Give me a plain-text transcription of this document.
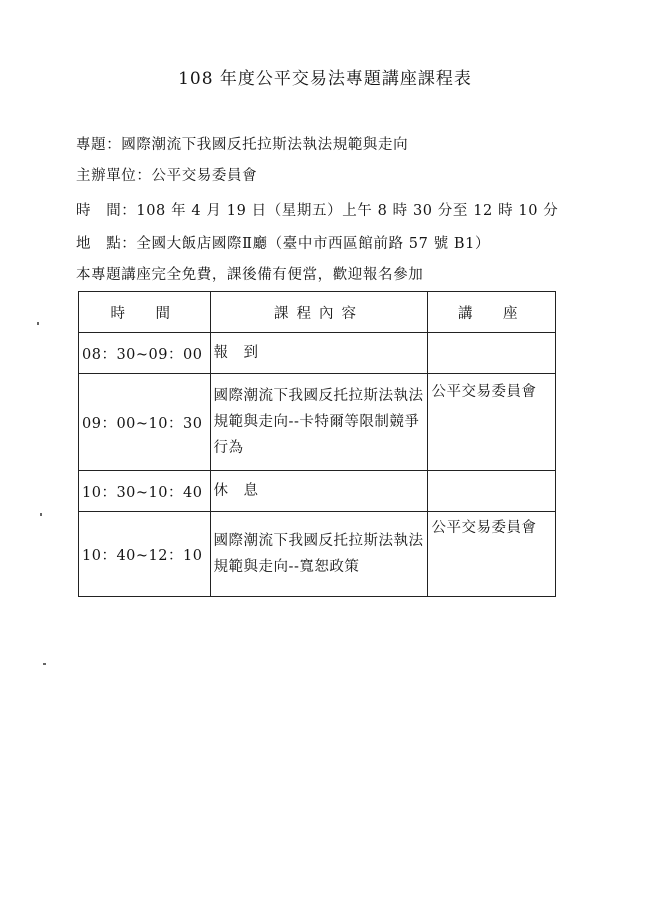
108 年度公平交易法專題講座課程表
專題：國際潮流下我國反托拉斯法執法規範與走向
主辦單位：公平交易委員會
時　間：108 年 4 月 19 日（星期五）上午 8 時 30 分至 12 時 10 分
地　點：全國大飯店國際Ⅱ廳（臺中市西區館前路 57 號 B1）
本專題講座完全免費，課後備有便當，歡迎報名參加
時　間	課程內容	講　座
08：30~09：00	報　到	
09：00~10：30	國際潮流下我國反托拉斯法執法規範與走向--卡特爾等限制競爭行為	公平交易委員會
10：30~10：40	休　息	
10：40~12：10	國際潮流下我國反托拉斯法執法規範與走向--寬恕政策	公平交易委員會
